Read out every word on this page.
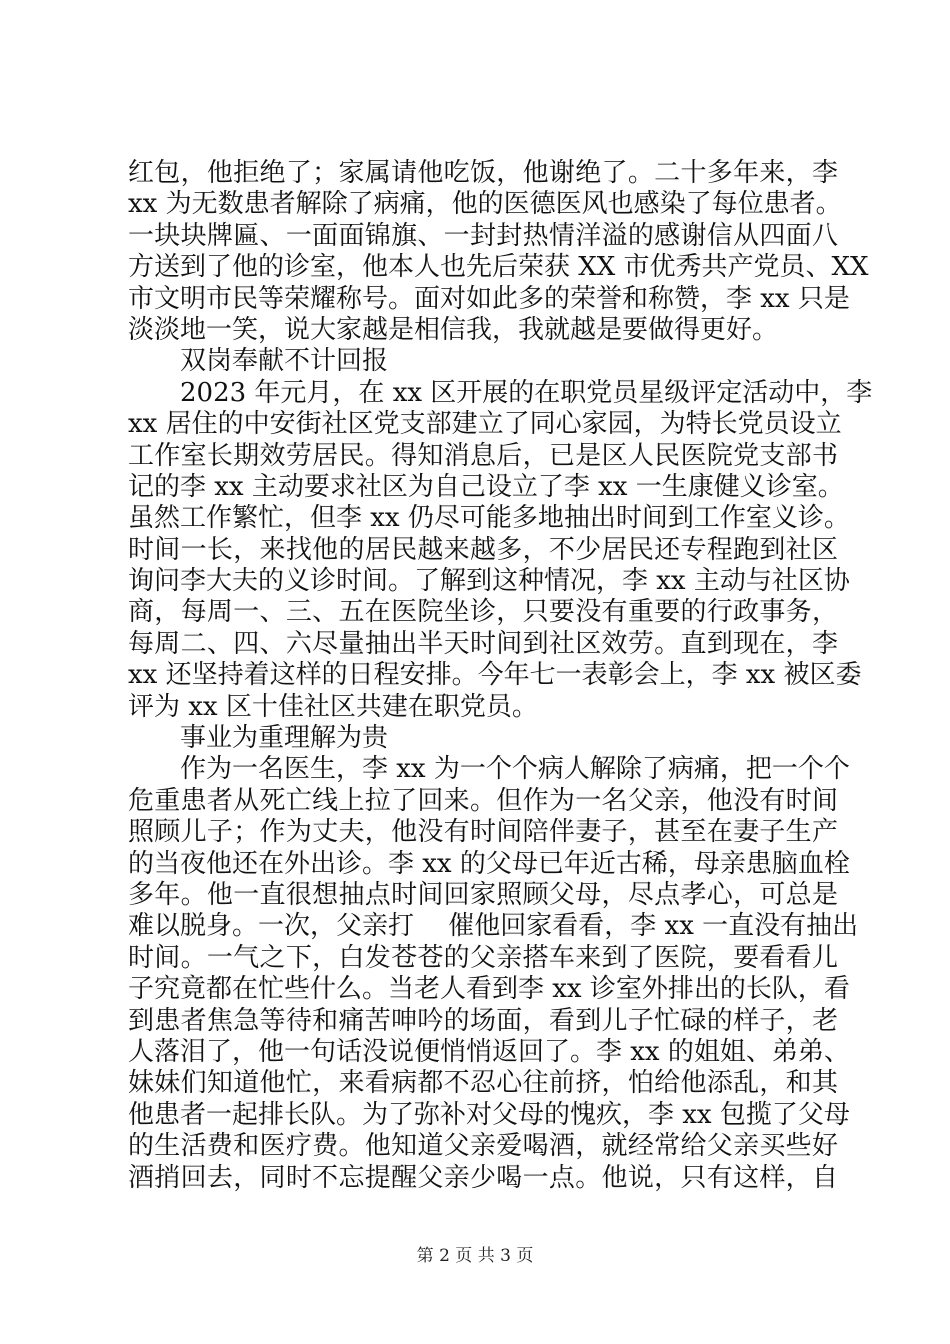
红包，他拒绝了；家属请他吃饭，他谢绝了。二十多年来，李
xx 为无数患者解除了病痛，他的医德医风也感染了每位患者。
一块块牌匾、一面面锦旗、一封封热情洋溢的感谢信从四面八
方送到了他的诊室，他本人也先后荣获 XX 市优秀共产党员、XX
市文明市民等荣耀称号。面对如此多的荣誉和称赞，李 xx 只是
淡淡地一笑，说大家越是相信我，我就越是要做得更好。
双岗奉献不计回报
2023 年元月，在 xx 区开展的在职党员星级评定活动中，李
xx 居住的中安街社区党支部建立了同心家园，为特长党员设立
工作室长期效劳居民。得知消息后，已是区人民医院党支部书
记的李 xx 主动要求社区为自己设立了李 xx 一生康健义诊室。
虽然工作繁忙，但李 xx 仍尽可能多地抽出时间到工作室义诊。
时间一长，来找他的居民越来越多，不少居民还专程跑到社区
询问李大夫的义诊时间。了解到这种情况，李 xx 主动与社区协
商，每周一、三、五在医院坐诊，只要没有重要的行政事务，
每周二、四、六尽量抽出半天时间到社区效劳。直到现在，李
xx 还坚持着这样的日程安排。今年七一表彰会上，李 xx 被区委
评为 xx 区十佳社区共建在职党员。
事业为重理解为贵
作为一名医生，李 xx 为一个个病人解除了病痛，把一个个
危重患者从死亡线上拉了回来。但作为一名父亲，他没有时间
照顾儿子；作为丈夫，他没有时间陪伴妻子，甚至在妻子生产
的当夜他还在外出诊。李 xx 的父母已年近古稀，母亲患脑血栓
多年。他一直很想抽点时间回家照顾父母，尽点孝心，可总是
难以脱身。一次，父亲打　 催他回家看看，李 xx 一直没有抽出
时间。一气之下，白发苍苍的父亲搭车来到了医院，要看看儿
子究竟都在忙些什么。当老人看到李 xx 诊室外排出的长队，看
到患者焦急等待和痛苦呻吟的场面，看到儿子忙碌的样子，老
人落泪了，他一句话没说便悄悄返回了。李 xx 的姐姐、弟弟、
妹妹们知道他忙，来看病都不忍心往前挤，怕给他添乱，和其
他患者一起排长队。为了弥补对父母的愧疚，李 xx 包揽了父母
的生活费和医疗费。他知道父亲爱喝酒，就经常给父亲买些好
酒捎回去，同时不忘提醒父亲少喝一点。他说，只有这样，自
第 2 页 共 3 页
